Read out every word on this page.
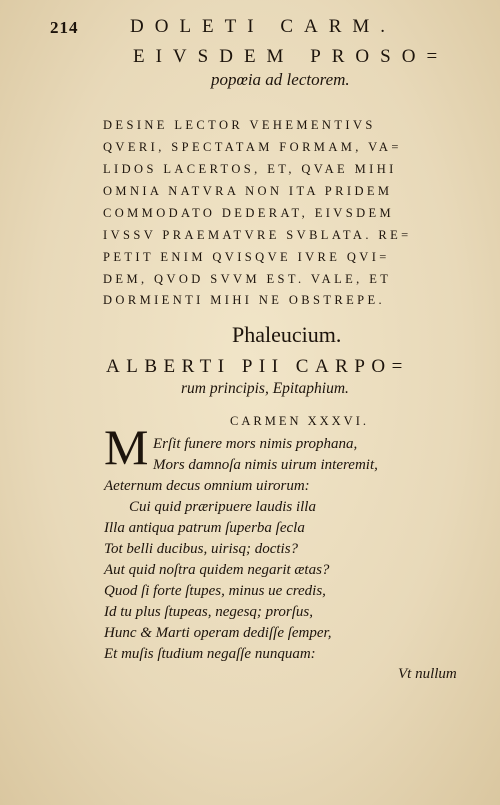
214	DOLETI CARM.
EIVSDEM PROSO=
popœia ad lectorem.
DESINE LECTOR VEHEMENTIVS
QVERI, SPECTATAM FORMAM, VA=
LIDOS LACERTOS, ET, QVAE MIHI
OMNIA NATVRA NON ITA PRIDEM
COMMODATO DEDERAT, EIVSDEM
IVSSV PRAEMATVRE SVBLATA. RE=
PETIT ENIM QVISQVE IVRE QVI=
DEM, QVOD SVVM EST. VALE, ET
DORMIENTI MIHI NE OBSTREPE.
Phaleucium.
ALBERTI PII CARPO=
rum principis, Epitaphium.
CARMEN XXXVI.
M Erſit funere mors nimis prophana,
Mors damnoſa nimis uirum interemit,
Aeternum decus omnium uirorum:
Cui quid præripuere laudis illa
Illa antiqua patrum ſuperba ſecla
Tot belli ducibus, uirisq; doctis?
Aut quid noſtra quidem negarit ætas?
Quod ſi forte ſtupes, minus ue credis,
Id tu plus ſtupeas, negesq; prorſus,
Hunc & Marti operam dediſſe ſemper,
Et muſis ſtudium negaſſe nunquam:
Vt nullum
